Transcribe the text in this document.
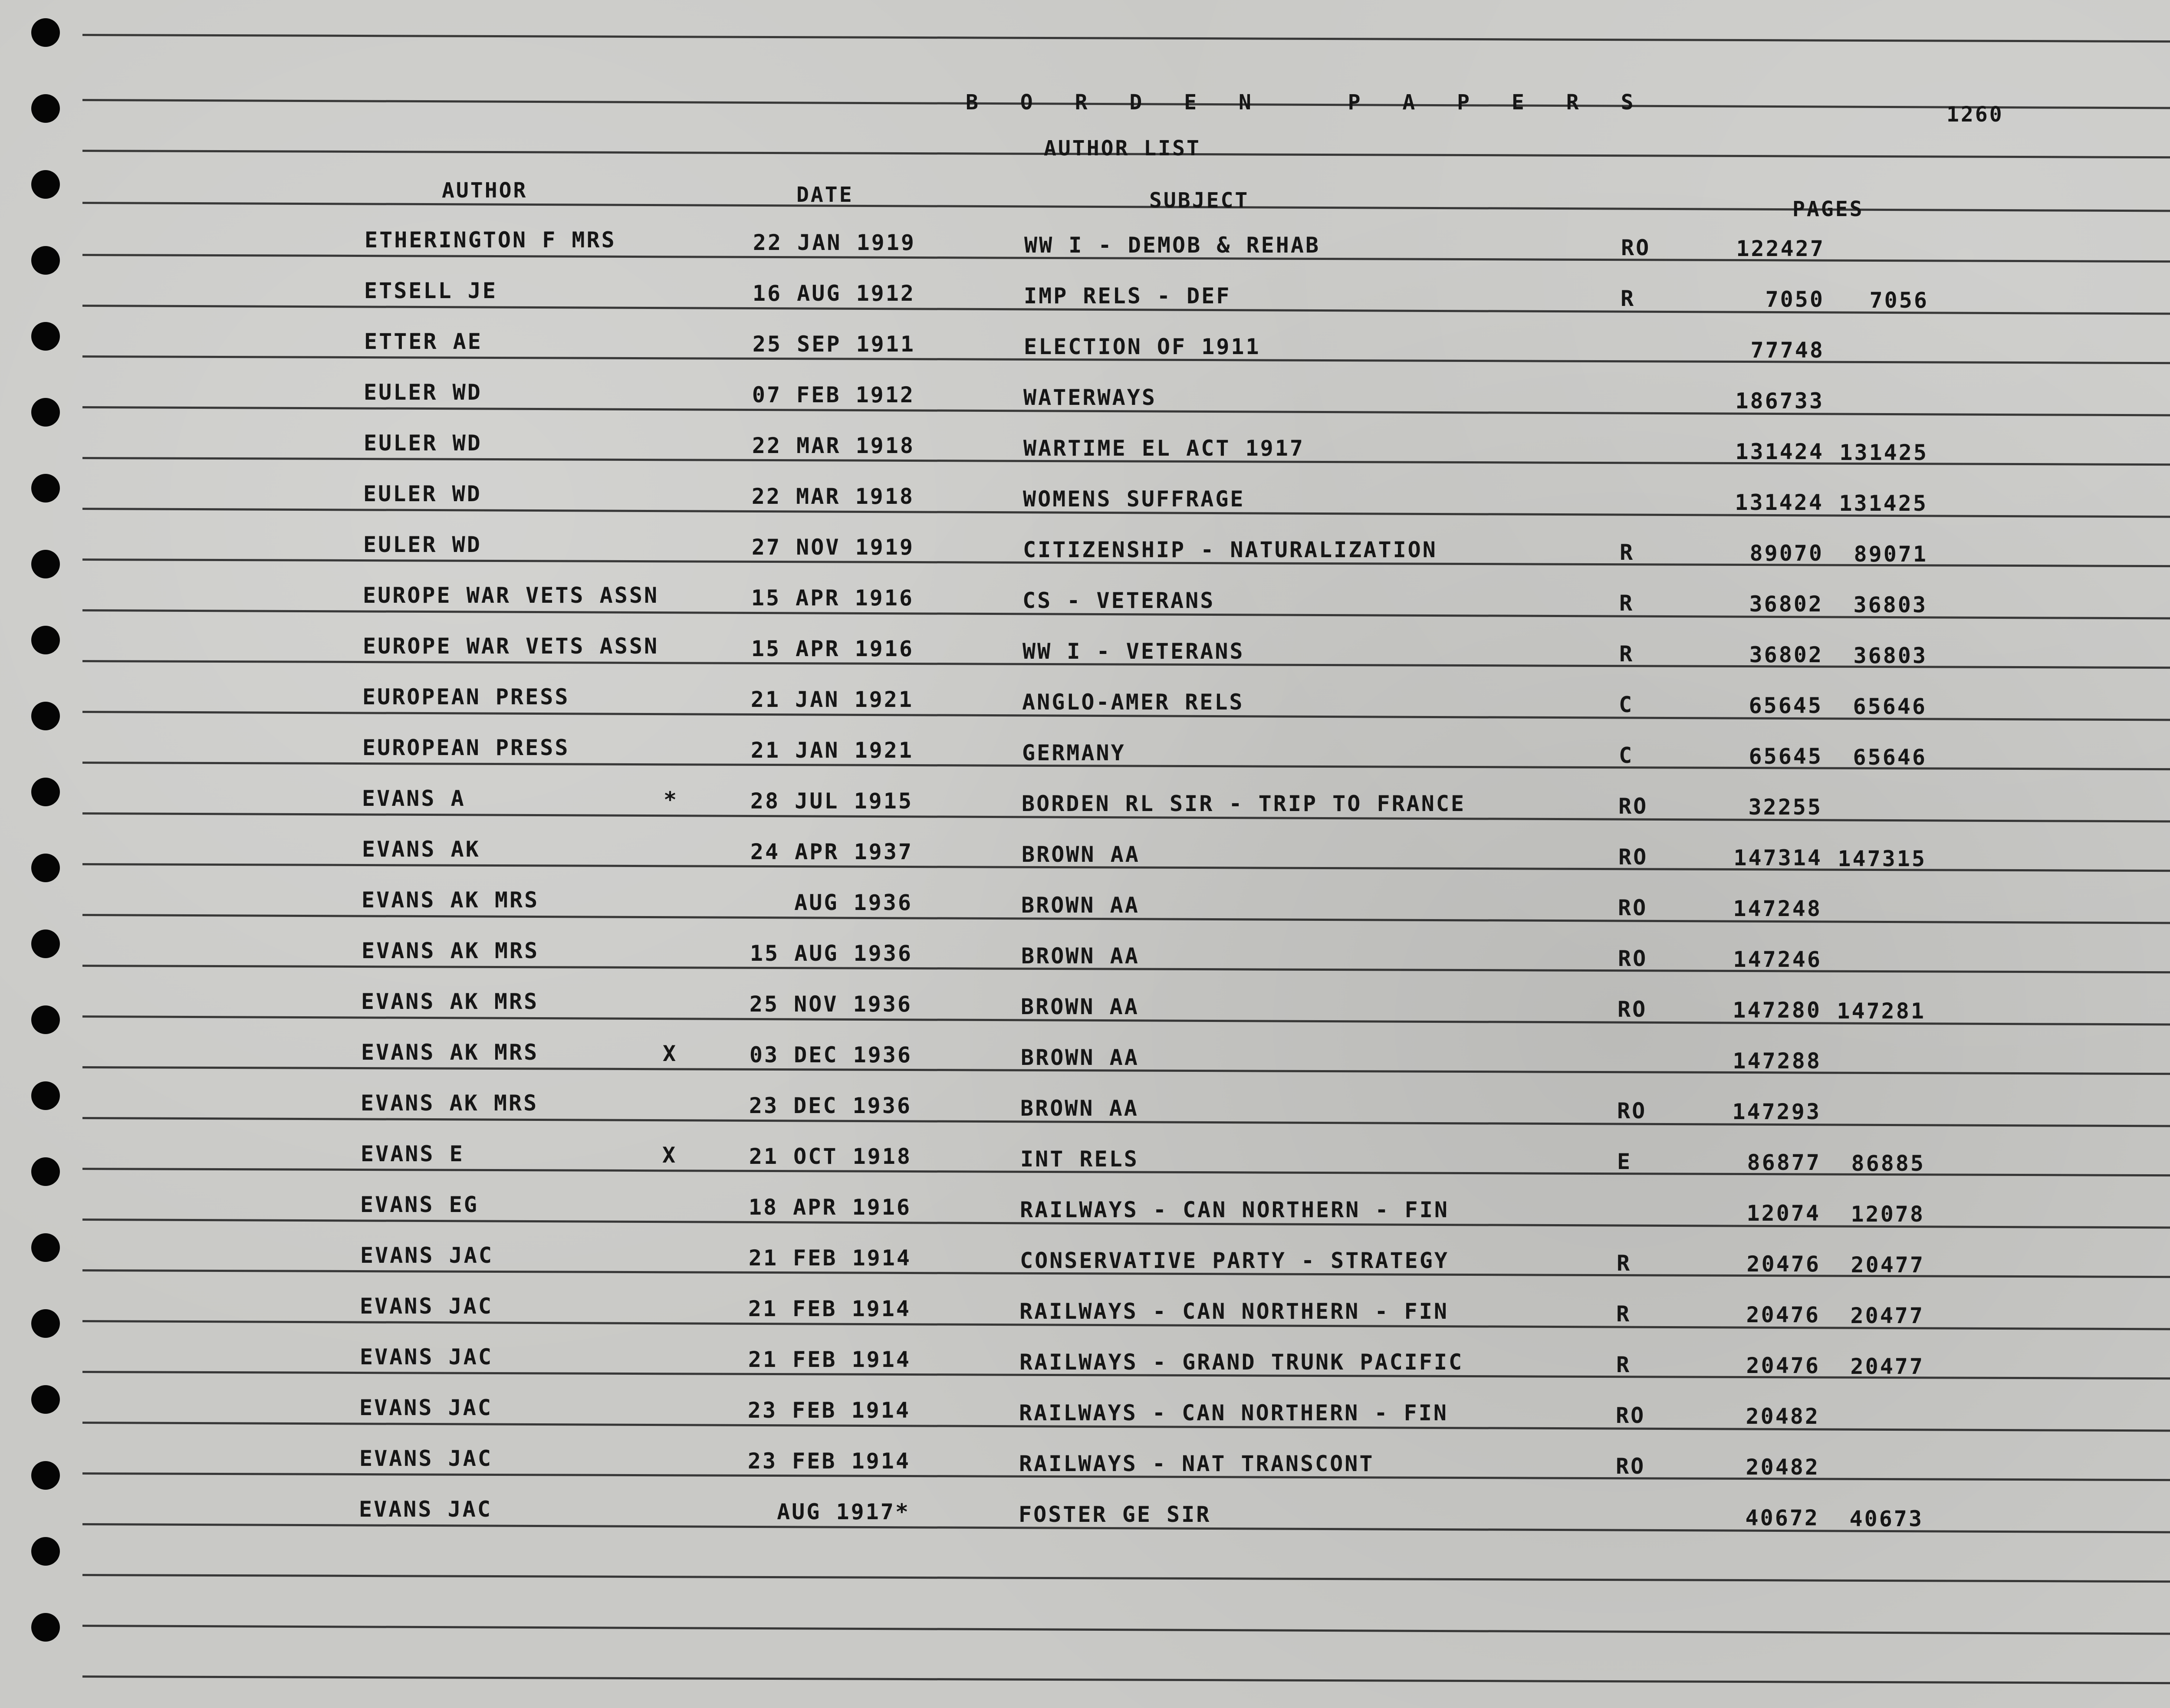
B O R D E N   P A P E R S	1260
AUTHOR LIST
AUTHOR	DATE	SUBJECT	PAGES
ETHERINGTON F MRS	22 JAN 1919	WW I - DEMOB & REHAB	RO	122427
ETSELL JE	16 AUG 1912	IMP RELS - DEF	R	7050 7056
ETTER AE	25 SEP 1911	ELECTION OF 1911	77748
EULER WD	07 FEB 1912	WATERWAYS	186733
EULER WD	22 MAR 1918	WARTIME EL ACT 1917	131424 131425
EULER WD	22 MAR 1918	WOMENS SUFFRAGE	131424 131425
EULER WD	27 NOV 1919	CITIZENSHIP - NATURALIZATION	R	89070 89071
EUROPE WAR VETS ASSN	15 APR 1916	CS - VETERANS	R	36802 36803
EUROPE WAR VETS ASSN	15 APR 1916	WW I - VETERANS	R	36802 36803
EUROPEAN PRESS	21 JAN 1921	ANGLO-AMER RELS	C	65645 65646
EUROPEAN PRESS	21 JAN 1921	GERMANY	C	65645 65646
EVANS A	*	28 JUL 1915	BORDEN RL SIR - TRIP TO FRANCE	RO	32255
EVANS AK	24 APR 1937	BROWN AA	RO	147314 147315
EVANS AK MRS	AUG 1936	BROWN AA	RO	147248
EVANS AK MRS	15 AUG 1936	BROWN AA	RO	147246
EVANS AK MRS	25 NOV 1936	BROWN AA	RO	147280 147281
EVANS AK MRS	X	03 DEC 1936	BROWN AA	147288
EVANS AK MRS	23 DEC 1936	BROWN AA	RO	147293
EVANS E	X	21 OCT 1918	INT RELS	E	86877 86885
EVANS EG	18 APR 1916	RAILWAYS - CAN NORTHERN - FIN	12074 12078
EVANS JAC	21 FEB 1914	CONSERVATIVE PARTY - STRATEGY	R	20476 20477
EVANS JAC	21 FEB 1914	RAILWAYS - CAN NORTHERN - FIN	R	20476 20477
EVANS JAC	21 FEB 1914	RAILWAYS - GRAND TRUNK PACIFIC	R	20476 20477
EVANS JAC	23 FEB 1914	RAILWAYS - CAN NORTHERN - FIN	RO	20482
EVANS JAC	23 FEB 1914	RAILWAYS - NAT TRANSCONT	RO	20482
EVANS JAC	AUG 1917*	FOSTER GE SIR	40672 40673
